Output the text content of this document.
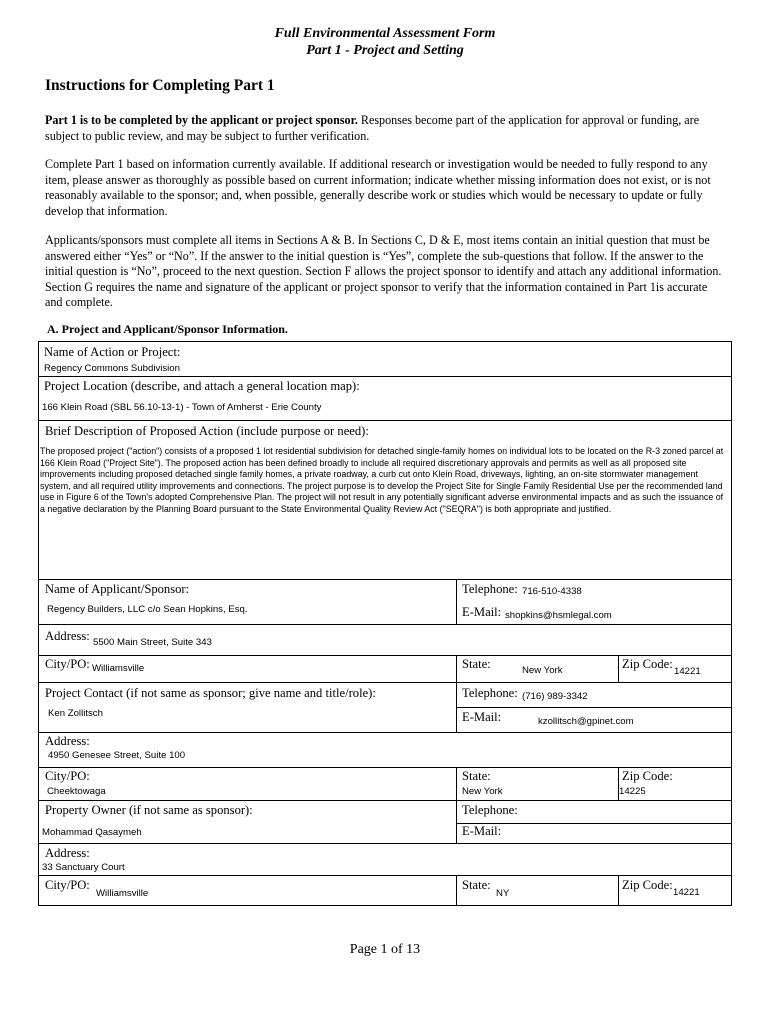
Full Environmental Assessment Form
Part 1 - Project and Setting
Instructions for Completing Part 1
Part 1 is to be completed by the applicant or project sponsor. Responses become part of the application for approval or funding, are subject to public review, and may be subject to further verification.
Complete Part 1 based on information currently available. If additional research or investigation would be needed to fully respond to any item, please answer as thoroughly as possible based on current information; indicate whether missing information does not exist, or is not reasonably available to the sponsor; and, when possible, generally describe work or studies which would be necessary to update or fully develop that information.
Applicants/sponsors must complete all items in Sections A & B. In Sections C, D & E, most items contain an initial question that must be answered either “Yes” or “No”. If the answer to the initial question is “Yes”, complete the sub-questions that follow. If the answer to the initial question is “No”, proceed to the next question. Section F allows the project sponsor to identify and attach any additional information. Section G requires the name and signature of the applicant or project sponsor to verify that the information contained in Part 1is accurate and complete.
A. Project and Applicant/Sponsor Information.
Name of Action or Project:
Regency Commons Subdivision
Project Location (describe, and attach a general location map):
166 Klein Road (SBL 56.10-13-1) - Town of Amherst - Erie County
Brief Description of Proposed Action (include purpose or need):
The proposed project ("action") consists of a proposed 1 lot residential subdivision for detached single-family homes on individual lots to be located on the R-3 zoned parcel at 166 Klein Road ("Project Site"). The proposed action has been defined broadly to include all required discretionary approvals and permits as well as all proposed site improvements including proposed detached single family homes, a private roadway, a curb cut onto Klein Road, driveways, lighting, an on-site stormwater management system, and all required utility improvements and connections. The project purpose is to develop the Project Site for Single Family Residential Use per the recommended land use in Figure 6 of the Town's adopted Comprehensive Plan. The project will not result in any potentially significant adverse environmental impacts and as such the issuance of a negative declaration by the Planning Board pursuant to the State Environmental Quality Review Act ("SEQRA") is both appropriate and justified.
Name of Applicant/Sponsor:
Regency Builders, LLC c/o Sean Hopkins, Esq.
Telephone: 716-510-4338
E-Mail: shopkins@hsmlegal.com
Address: 5500 Main Street, Suite 343
City/PO: Williamsville	State:	New York	Zip Code:
14221
Project Contact (if not same as sponsor; give name and title/role):
Ken Zollitsch
Telephone: (716) 989-3342
E-Mail:	kzollitsch@gpinet.com
Address:
4950 Genesee Street, Suite 100
City/PO:
Cheektowaga
State:
New York
Zip Code:
14225
Property Owner (if not same as sponsor):
Mohammad Qasaymeh
Telephone:
E-Mail:
Address:
33 Sanctuary Court
City/PO:
Williamsville
State:
NY
Zip Code:
14221
Page 1 of 13
